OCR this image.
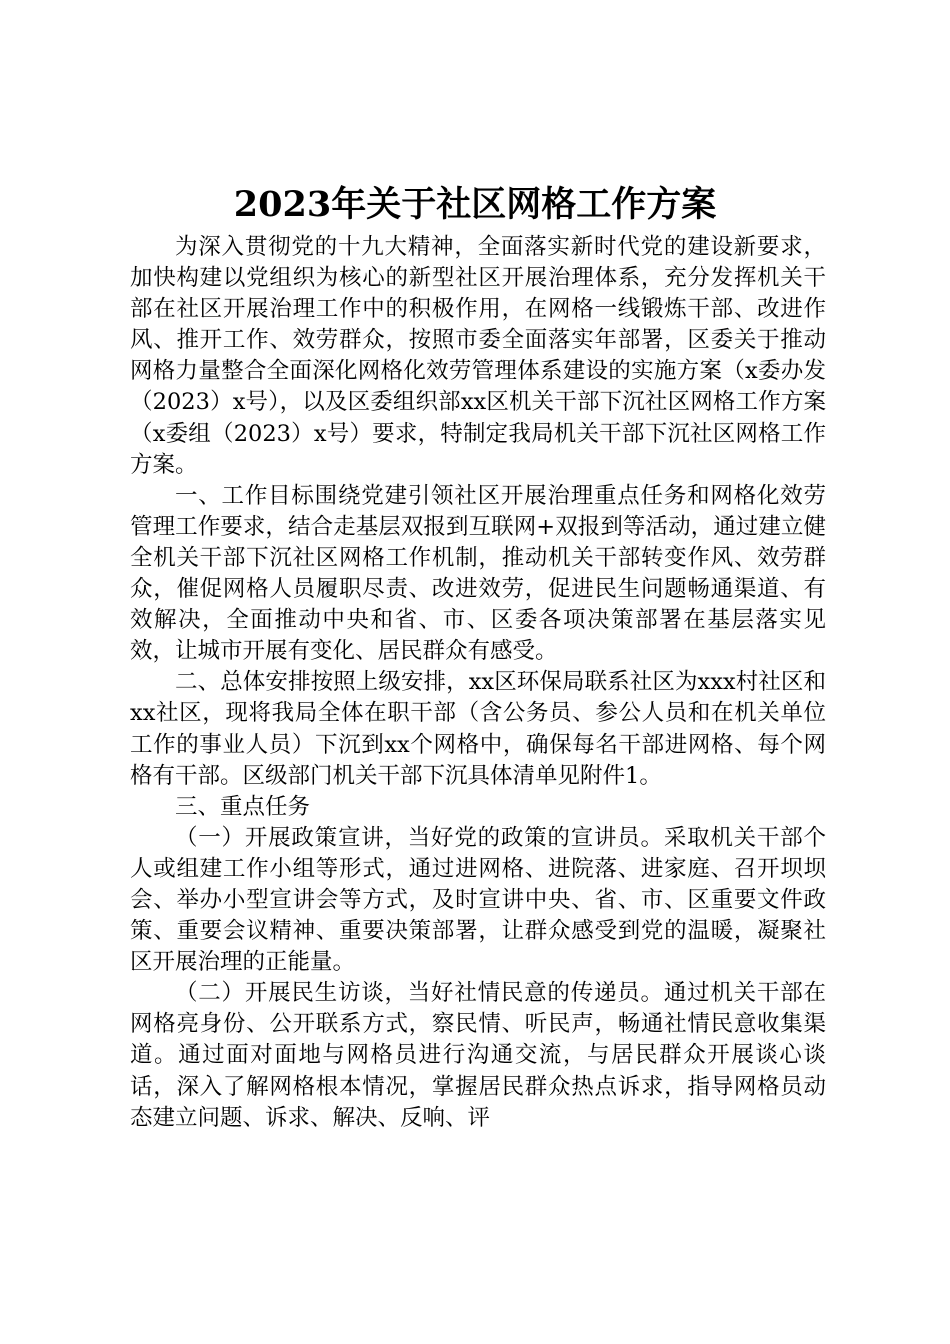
2023年关于社区网格工作方案

为深入贯彻党的十九大精神，全面落实新时代党的建设新要求，加快构建以党组织为核心的新型社区开展治理体系，充分发挥机关干部在社区开展治理工作中的积极作用，在网格一线锻炼干部、改进作风、推开工作、效劳群众，按照市委全面落实年部署，区委关于推动网格力量整合全面深化网格化效劳管理体系建设的实施方案（x委办发（2023）x号），以及区委组织部xx区机关干部下沉社区网格工作方案（x委组（2023）x号）要求，特制定我局机关干部下沉社区网格工作方案。

一、工作目标围绕党建引领社区开展治理重点任务和网格化效劳管理工作要求，结合走基层双报到互联网+双报到等活动，通过建立健全机关干部下沉社区网格工作机制，推动机关干部转变作风、效劳群众，催促网格人员履职尽责、改进效劳，促进民生问题畅通渠道、有效解决，全面推动中央和省、市、区委各项决策部署在基层落实见效，让城市开展有变化、居民群众有感受。

二、总体安排按照上级安排，xx区环保局联系社区为xxx村社区和xx社区，现将我局全体在职干部（含公务员、参公人员和在机关单位工作的事业人员）下沉到xx个网格中，确保每名干部进网格、每个网格有干部。区级部门机关干部下沉具体清单见附件1。

三、重点任务

（一）开展政策宣讲，当好党的政策的宣讲员。采取机关干部个人或组建工作小组等形式，通过进网格、进院落、进家庭、召开坝坝会、举办小型宣讲会等方式，及时宣讲中央、省、市、区重要文件政策、重要会议精神、重要决策部署，让群众感受到党的温暖，凝聚社区开展治理的正能量。

（二）开展民生访谈，当好社情民意的传递员。通过机关干部在网格亮身份、公开联系方式，察民情、听民声，畅通社情民意收集渠道。通过面对面地与网格员进行沟通交流，与居民群众开展谈心谈话，深入了解网格根本情况，掌握居民群众热点诉求，指导网格员动态建立问题、诉求、解决、反响、评
